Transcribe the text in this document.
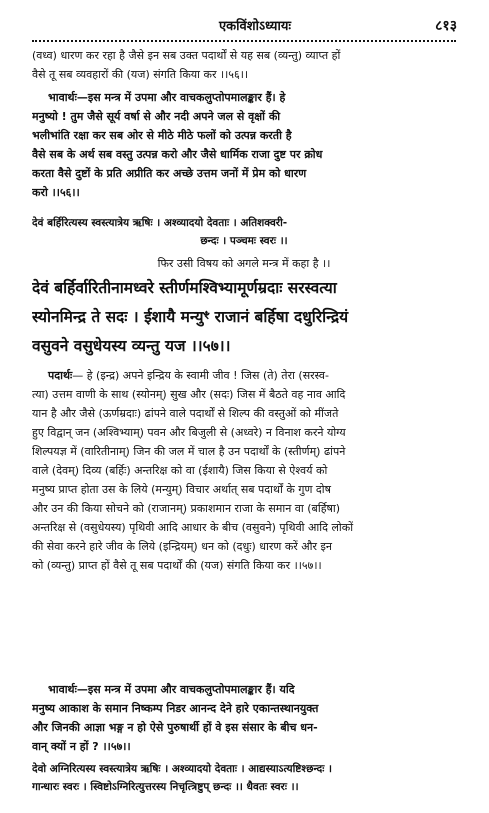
एकविंशोऽध्यायः	८१३
(वध्व) धारण कर रहा है जैसे इन सब उक्त पदार्थों से यह सब (व्यन्तु) व्याप्त हों
वैसे तू सब व्यवहारों की (यज) संगति किया कर ।।५६।।
भावार्थः—इस मन्त्र में उपमा और वाचकलुप्तोपमालङ्कार हैं। हे
मनुष्यो ! तुम जैसे सूर्य वर्षा से और नदी अपने जल से वृक्षों की
भलीभांति रक्षा कर सब ओर से मीठे मीठे फलों को उत्पन्न करती है
वैसे सब के अर्थ सब वस्तु उत्पन्न करो और जैसे धार्मिक राजा दुष्ट पर क्रोध
करता वैसे दुष्टों के प्रति अप्रीति कर अच्छे उत्तम जनों में प्रेम को धारण
करो ।।५६।।
देवं बर्हिरित्यस्य स्वस्त्यात्रेय ऋषिः । अश्व्यादयो देवताः । अतिशक्वरी-
छन्दः । पञ्चमः स्वरः ।।
फिर उसी विषय को अगले मन्त्र में कहा है ।।
देवं बर्हिर्वारितीनामध्वरे स्तीर्णमश्विभ्यामूर्णम्रदाः सरस्वत्या
स्योनमिन्द्र ते सदः । ईशायै मन्युꣳ राजानं बर्हिषा दधुरिन्द्रियं
वसुवने वसुधेयस्य व्यन्तु यज ।।५७।।
पदार्थः— हे (इन्द्र) अपने इन्द्रिय के स्वामी जीव ! जिस (ते) तेरा (सरस्व-
त्या) उत्तम वाणी के साथ (स्योनम्) सुख और (सदः) जिस में बैठते वह नाव आदि
यान है और जैसे (ऊर्णम्रदाः) ढांपने वाले पदार्थों से शिल्प की वस्तुओं को मींजते
हुए विद्वान् जन (अश्विभ्याम्) पवन और बिजुली से (अध्वरे) न विनाश करने योग्य
शिल्पयज्ञ में (वारितीनाम्) जिन की जल में चाल है उन पदार्थों के (स्तीर्णम्) ढांपने
वाले (देवम्) दिव्य (बर्हिः) अन्तरिक्ष को वा (ईशायै) जिस किया से ऐश्वर्य को
मनुष्य प्राप्त होता उस के लिये (मन्युम्) विचार अर्थात् सब पदार्थों के गुण दोष
और उन की किया सोचने को (राजानम्) प्रकाशमान राजा के समान वा (बर्हिषा)
अन्तरिक्ष से (वसुधेयस्य) पृथिवी आदि आधार के बीच (वसुवने) पृथिवी आदि लोकों
की सेवा करने हारे जीव के लिये (इन्द्रियम्) धन को (दधुः) धारण करें और इन
को (व्यन्तु) प्राप्त हों वैसे तू सब पदार्थों की (यज) संगति किया कर ।।५७।।
भावार्थः—इस मन्त्र में उपमा और वाचकलुप्तोपमालङ्कार हैं। यदि
मनुष्य आकाश के समान निष्कम्प निडर आनन्द देने हारे एकान्तस्थानयुक्त
और जिनकी आज्ञा भङ्ग न हो ऐसे पुरुषार्थी हों वे इस संसार के बीच धन-
वान् क्यों न हों ? ।।५७।।
देवो अग्निरित्यस्य स्वस्त्यात्रेय ऋषिः । अश्व्यादयो देवताः । आद्यस्याऽत्यष्टिश्छन्दः ।
गान्धारः स्वरः । स्विष्टोऽग्निरित्युत्तरस्य निचृत्त्रिष्टुप् छन्दः ।। धैवतः स्वरः ।।
